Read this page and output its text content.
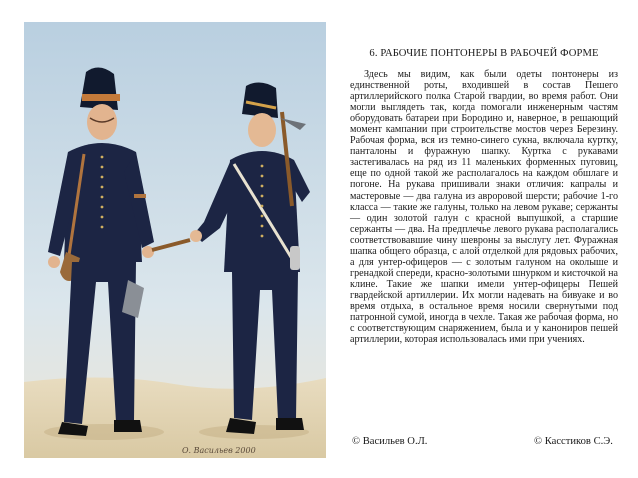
О. Васильев 2000
6. РАБОЧИЕ ПОНТОНЕРЫ В РАБОЧЕЙ ФОРМЕ
Здесь мы видим, как были одеты понтонеры из единственной роты, входившей в состав Пешего артиллерийского полка Старой гвардии, во время работ. Они могли выглядеть так, когда помогали инженерным частям оборудовать батареи при Бородино и, наверное, в решающий момент кампании при строительстве мостов через Березину. Рабочая форма, вся из темно-синего сукна, включала куртку, панталоны и фуражную шапку. Куртка с рукавами застегивалась на ряд из 11 маленьких форменных пуговиц, еще по одной такой же располагалось на каждом обшлаге и погоне. На рукава пришивали знаки отличия: капралы и мастеровые — два галуна из авроровой шерсти; рабочие 1-го класса — такие же галуны, только на левом рукаве; сержанты — один золотой галун с красной выпушкой, а старшие сержанты — два. На предплечье левого рукава располагались соответствовавшие чину шевроны за выслугу лет. Фуражная шапка общего образца, с алой отделкой для рядовых рабочих, а для унтер-офицеров — с золотым галуном на околыше и гренадкой спереди, красно-золотыми шнурком и кисточкой на клине. Такие же шапки имели унтер-офицеры Пешей гвардейской артиллерии. Их могли надевать на бивуаке и во время отдыха, в остальное время носили свернутыми под патронной сумой, иногда в чехле. Такая же рабочая форма, но с соответствующим снаряжением, была и у канониров пешей артиллерии, которая использовалась ими при учениях.
© Васильев О.Л.	© Касстиков С.Э.
